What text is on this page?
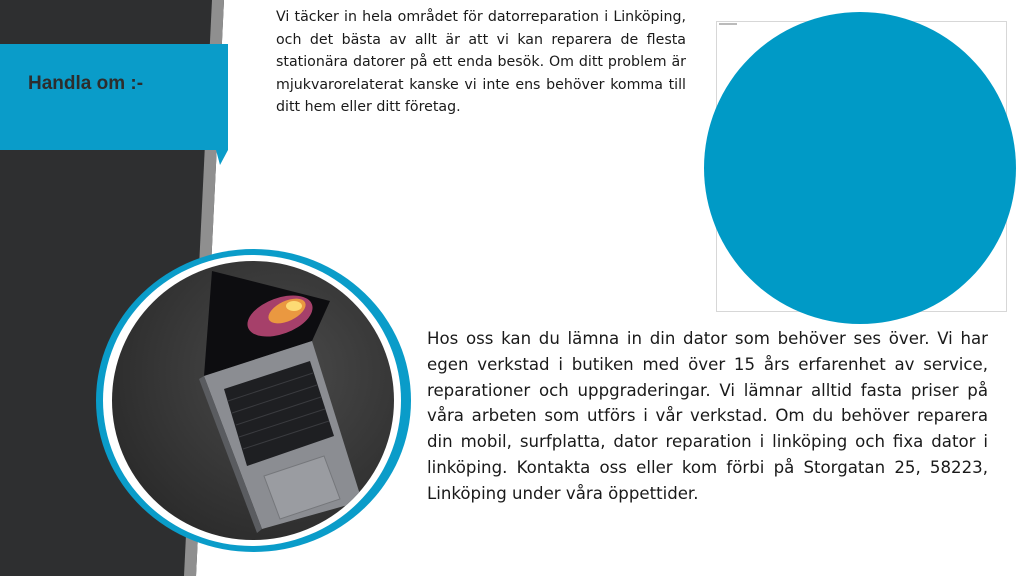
Handla om :-
Vi täcker in hela området för datorreparation i Linköping, och det bästa av allt är att vi kan reparera de flesta stationära datorer på ett enda besök. Om ditt problem är mjukvarorelaterat kanske vi inte ens behöver komma till ditt hem eller ditt företag.
Hos oss kan du lämna in din dator som behöver ses över. Vi har egen verkstad i butiken med över 15 års erfarenhet av service, reparationer och uppgraderingar. Vi lämnar alltid fasta priser på våra arbeten som utförs i vår verkstad. Om du behöver reparera din mobil, surfplatta, dator reparation i linköping och fixa dator i linköping. Kontakta oss eller kom förbi på Storgatan 25, 58223, Linköping under våra öppettider.
